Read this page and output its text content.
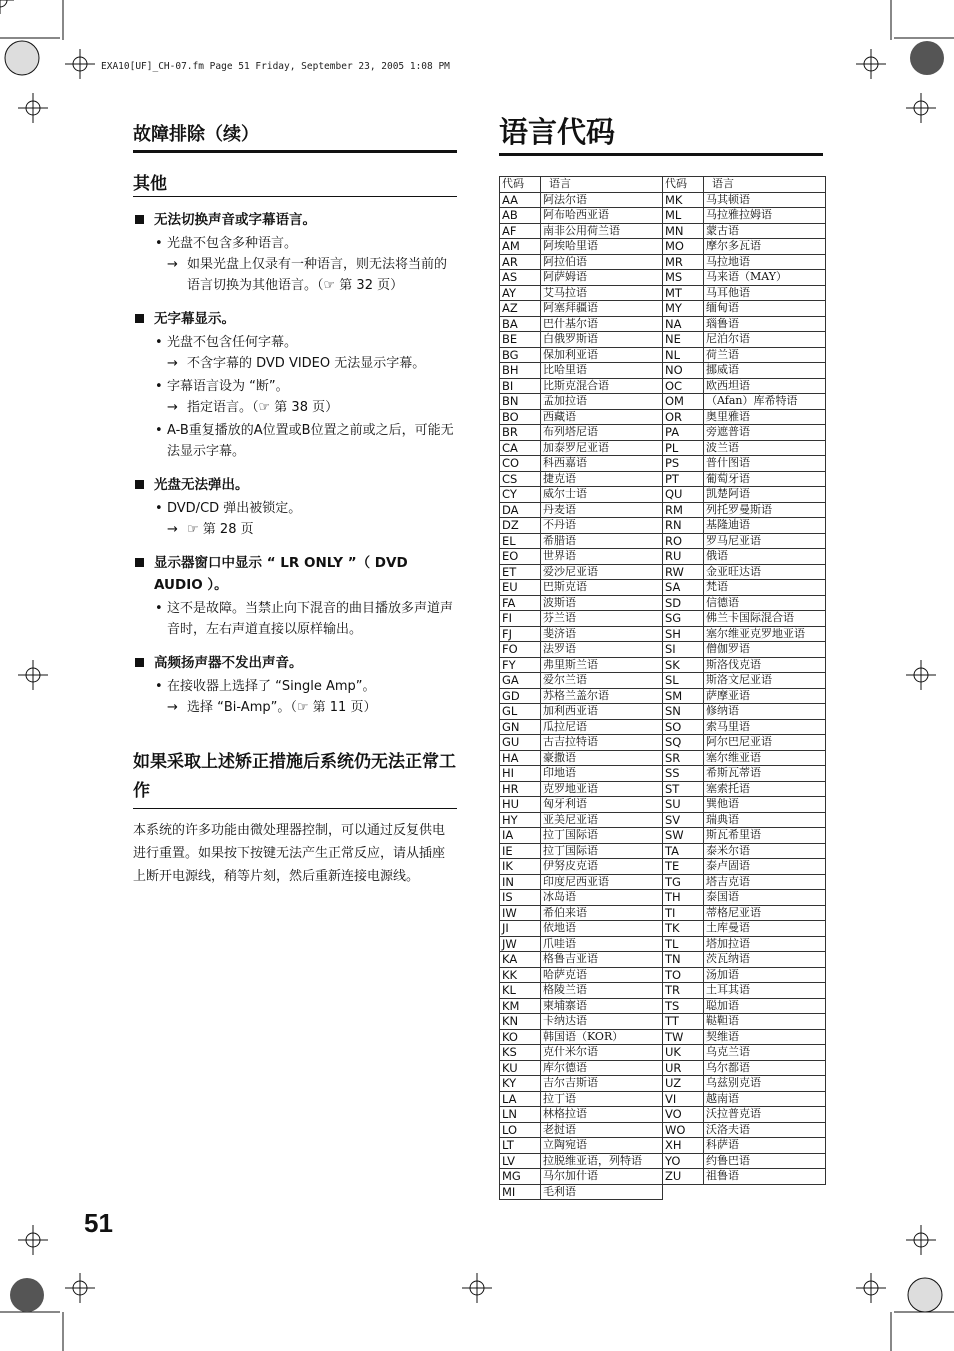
EXA10[UF]_CH-07.fm Page 51 Friday, September 23, 2005 1:08 PM
故障排除（续）
其他
无法切换声音或字幕语言。
• 光盘不包含多种语言。
→ 如果光盘上仅录有一种语言，则无法将当前的语言切换为其他语言。（☞ 第 32 页）
无字幕显示。
• 光盘不包含任何字幕。
→ 不含字幕的 DVD VIDEO 无法显示字幕。
• 字幕语言设为 “断”。
→ 指定语言。（☞ 第 38 页）
• A-B重复播放的A位置或B位置之前或之后，可能无法显示字幕。
光盘无法弹出。
• DVD/CD 弹出被锁定。
→ ☞ 第 28 页
显示器窗口中显示 “ LR ONLY ”（ DVD AUDIO ）。
• 这不是故障。当禁止向下混音的曲目播放多声道声音时，左右声道直接以原样输出。
高频扬声器不发出声音。
• 在接收器上选择了 “Single Amp”。
→ 选择 “Bi-Amp”。（☞ 第 11 页）
如果采取上述矫正措施后系统仍无法正常工作
本系统的许多功能由微处理器控制，可以通过反复供电进行重置。如果按下按键无法产生正常反应，请从插座上断开电源线，稍等片刻，然后重新连接电源线。
语言代码
代码	语言	代码	语言
AA	阿法尔语	MK	马其顿语
AB	阿布哈西亚语	ML	马拉雅拉姆语
AF	南非公用荷兰语	MN	蒙古语
AM	阿埃哈里语	MO	摩尔多瓦语
AR	阿拉伯语	MR	马拉地语
AS	阿萨姆语	MS	马来语（MAY）
AY	艾马拉语	MT	马耳他语
AZ	阿塞拜疆语	MY	缅甸语
BA	巴什基尔语	NA	瑙鲁语
BE	白俄罗斯语	NE	尼泊尔语
BG	保加利亚语	NL	荷兰语
BH	比哈里语	NO	挪威语
BI	比斯克混合语	OC	欧西坦语
BN	孟加拉语	OM	（Afan）库希特语
BO	西藏语	OR	奥里雅语
BR	布列塔尼语	PA	旁遮普语
CA	加泰罗尼亚语	PL	波兰语
CO	科西嘉语	PS	普什图语
CS	捷克语	PT	葡萄牙语
CY	威尔士语	QU	凯楚阿语
DA	丹麦语	RM	列托罗曼斯语
DZ	不丹语	RN	基隆迪语
EL	希腊语	RO	罗马尼亚语
EO	世界语	RU	俄语
ET	爱沙尼亚语	RW	金亚旺达语
EU	巴斯克语	SA	梵语
FA	波斯语	SD	信德语
FI	芬兰语	SG	佛兰卡国际混合语
FJ	斐济语	SH	塞尔维亚克罗地亚语
FO	法罗语	SI	僧伽罗语
FY	弗里斯兰语	SK	斯洛伐克语
GA	爱尔兰语	SL	斯洛文尼亚语
GD	苏格兰盖尔语	SM	萨摩亚语
GL	加利西亚语	SN	修纳语
GN	瓜拉尼语	SO	索马里语
GU	古吉拉特语	SQ	阿尔巴尼亚语
HA	豪撒语	SR	塞尔维亚语
HI	印地语	SS	希斯瓦蒂语
HR	克罗地亚语	ST	塞索托语
HU	匈牙利语	SU	巽他语
HY	亚美尼亚语	SV	瑞典语
IA	拉丁国际语	SW	斯瓦希里语
IE	拉丁国际语	TA	泰米尔语
IK	伊努皮克语	TE	泰卢固语
IN	印度尼西亚语	TG	塔吉克语
IS	冰岛语	TH	泰国语
IW	希伯来语	TI	蒂格尼亚语
JI	依地语	TK	土库曼语
JW	爪哇语	TL	塔加拉语
KA	格鲁吉亚语	TN	茨瓦纳语
KK	哈萨克语	TO	汤加语
KL	格陵兰语	TR	土耳其语
KM	柬埔寨语	TS	聪加语
KN	卡纳达语	TT	鞑靼语
KO	韩国语（KOR）	TW	契维语
KS	克什米尔语	UK	乌克兰语
KU	库尔德语	UR	乌尔都语
KY	吉尔吉斯语	UZ	乌兹别克语
LA	拉丁语	VI	越南语
LN	林格拉语	VO	沃拉普克语
LO	老挝语	WO	沃洛夫语
LT	立陶宛语	XH	科萨语
LV	拉脱维亚语，列特语	YO	约鲁巴语
MG	马尔加什语	ZU	祖鲁语
MI	毛利语		
51
